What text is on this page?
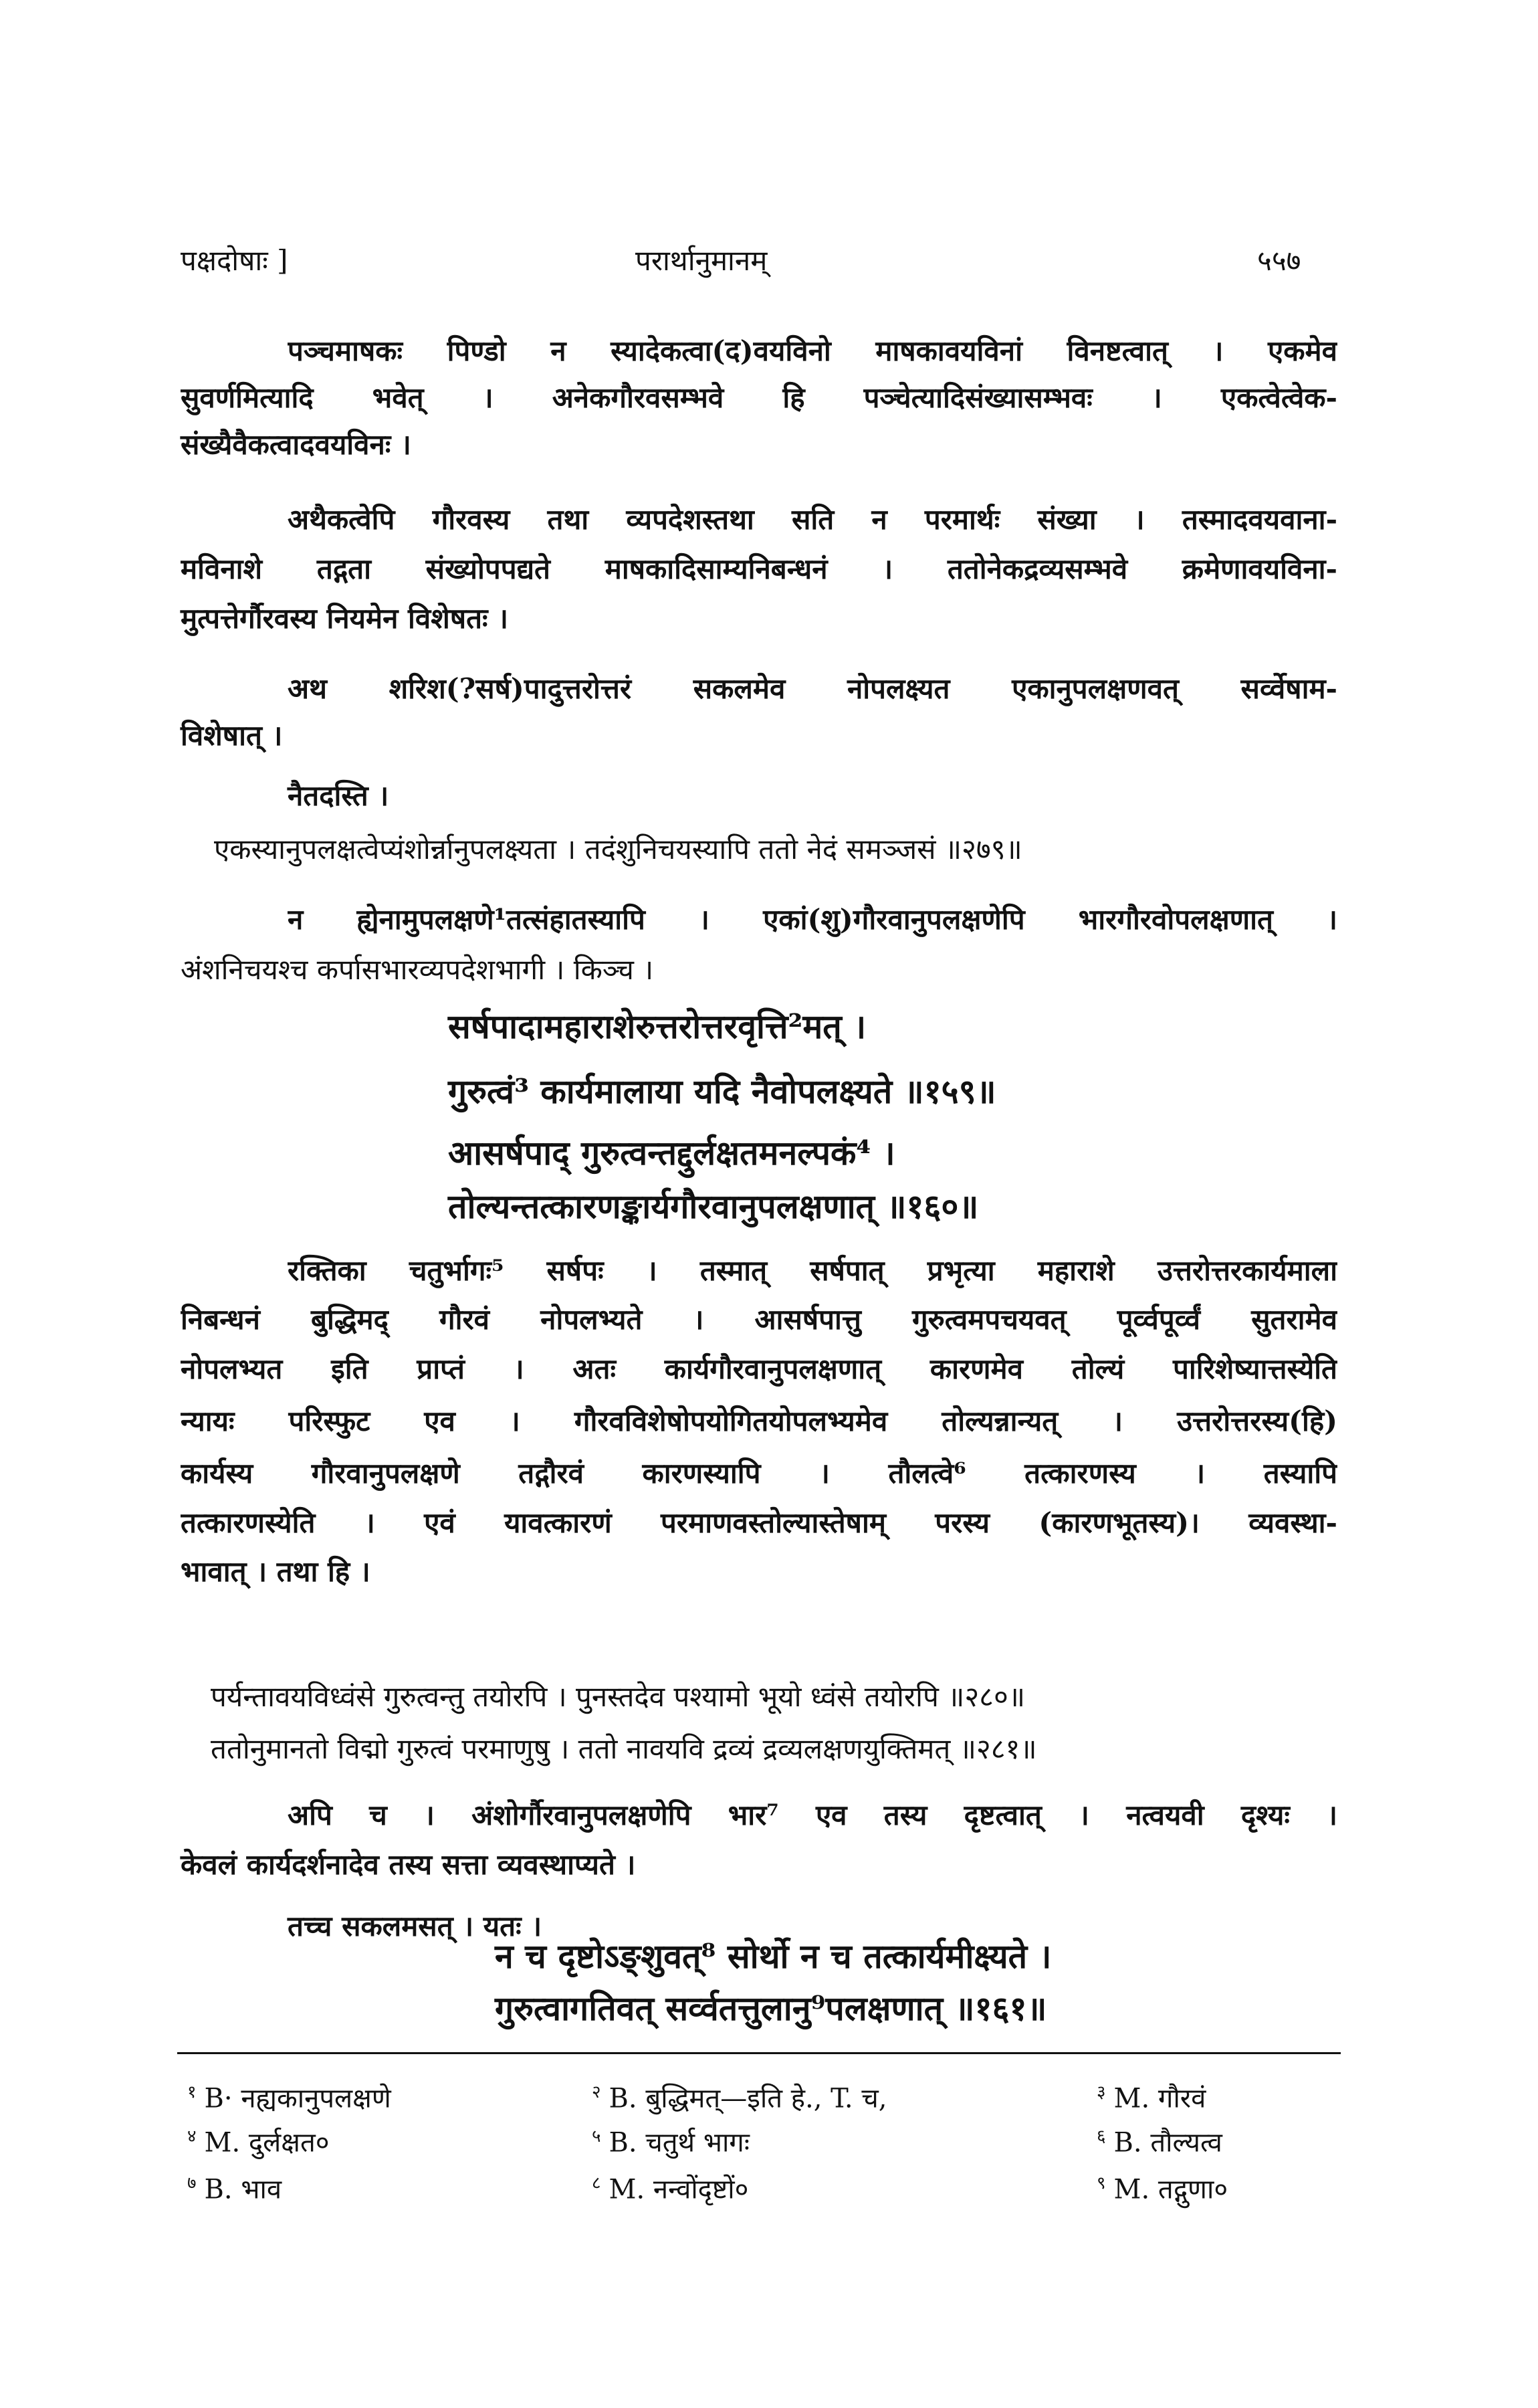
पक्षदोषाः ]	परार्थानुमानम्	५५७
पञ्चमाषकः पिण्डो न स्यादेकत्वा(द)वयविनो माषकावयविनां विनष्टत्वात् । एकमेव
सुवर्णमित्यादि भवेत् । अनेकगौरवसम्भवे हि पञ्चेत्यादिसंख्यासम्भवः । एकत्वेत्वेक-
संख्यैवैकत्वादवयविनः ।
अथैकत्वेपि गौरवस्य तथा व्यपदेशस्तथा सति न परमार्थः संख्या । तस्मादवयवाना-
मविनाशे तद्गता संख्योपपद्यते माषकादिसाम्यनिबन्धनं । ततोनेकद्रव्यसम्भवे क्रमेणावयविना-
मुत्पत्तेर्गौरवस्य नियमेन विशेषतः ।
अथ शरिश(?सर्ष)पादुत्तरोत्तरं सकलमेव नोपलक्ष्यत एकानुपलक्षणवत् सर्व्वेषाम-
विशेषात् ।
नैतदस्ति ।
एकस्यानुपलक्षत्वेप्यंशोर्न्नानुपलक्ष्यता । तदंशुनिचयस्यापि ततो नेदं समञ्जसं ॥२७९॥
न ह्येनामुपलक्षणे¹तत्संहातस्यापि । एकां(शु)गौरवानुपलक्षणेपि भारगौरवोपलक्षणात् ।
अंशनिचयश्च कर्पासभारव्यपदेशभागी । किञ्च ।
सर्षपादामहाराशेरुत्तरोत्तरवृत्ति²मत् ।
गुरुत्वं³ कार्यमालाया यदि नैवोपलक्ष्यते ॥१५९॥
आसर्षपाद् गुरुत्वन्तद्दुर्लक्षतमनल्पकं⁴ ।
तोल्यन्तत्कारणङ्कार्यगौरवानुपलक्षणात् ॥१६०॥
रक्तिका चतुर्भागः⁵ सर्षपः । तस्मात् सर्षपात् प्रभृत्या महाराशे उत्तरोत्तरकार्यमाला
निबन्धनं बुद्धिमद् गौरवं नोपलभ्यते । आसर्षपात्तु गुरुत्वमपचयवत् पूर्व्वपूर्व्वं सुतरामेव
नोपलभ्यत इति प्राप्तं । अतः कार्यगौरवानुपलक्षणात् कारणमेव तोल्यं पारिशेष्यात्तस्येति
न्यायः परिस्फुट एव । गौरवविशेषोपयोगितयोपलभ्यमेव तोल्यन्नान्यत् । उत्तरोत्तरस्य(हि)
कार्यस्य गौरवानुपलक्षणे तद्गौरवं कारणस्यापि । तौलत्वे⁶ तत्कारणस्य । तस्यापि
तत्कारणस्येति । एवं यावत्कारणं परमाणवस्तोल्यास्तेषाम् परस्य (कारणभूतस्य)। व्यवस्था-
भावात् । तथा हि ।
पर्यन्तावयविध्वंसे गुरुत्वन्तु तयोरपि । पुनस्तदेव पश्यामो भूयो ध्वंसे तयोरपि ॥२८०॥
ततोनुमानतो विद्मो गुरुत्वं परमाणुषु । ततो नावयवि द्रव्यं द्रव्यलक्षणयुक्तिमत् ॥२८१॥
अपि च । अंशोर्गौरवानुपलक्षणेपि भार⁷ एव तस्य दृष्टत्वात् । नत्वयवी दृश्यः ।
केवलं कार्यदर्शनादेव तस्य सत्ता व्यवस्थाप्यते ।
तच्च सकलमसत् । यतः ।
न च दृष्टोऽङ्शुवत्⁸ सोर्थो न च तत्कार्यमीक्ष्यते ।
गुरुत्वागतिवत् सर्व्वतत्तुलानु⁹पलक्षणात् ॥१६१॥
$^१$ B· नह्यकानुपलक्षणे	$^२$ B. बुद्धिमत्—इति हे., T. च,	$^३$ M. गौरवं
$^४$ M. दुर्लक्षत०	$^५$ B. चतुर्थ भागः	$^६$ B. तौल्यत्व
$^७$ B. भाव	$^८$ M. नन्वोंदृष्टों०	$^९$ M. तद्गुणा०
